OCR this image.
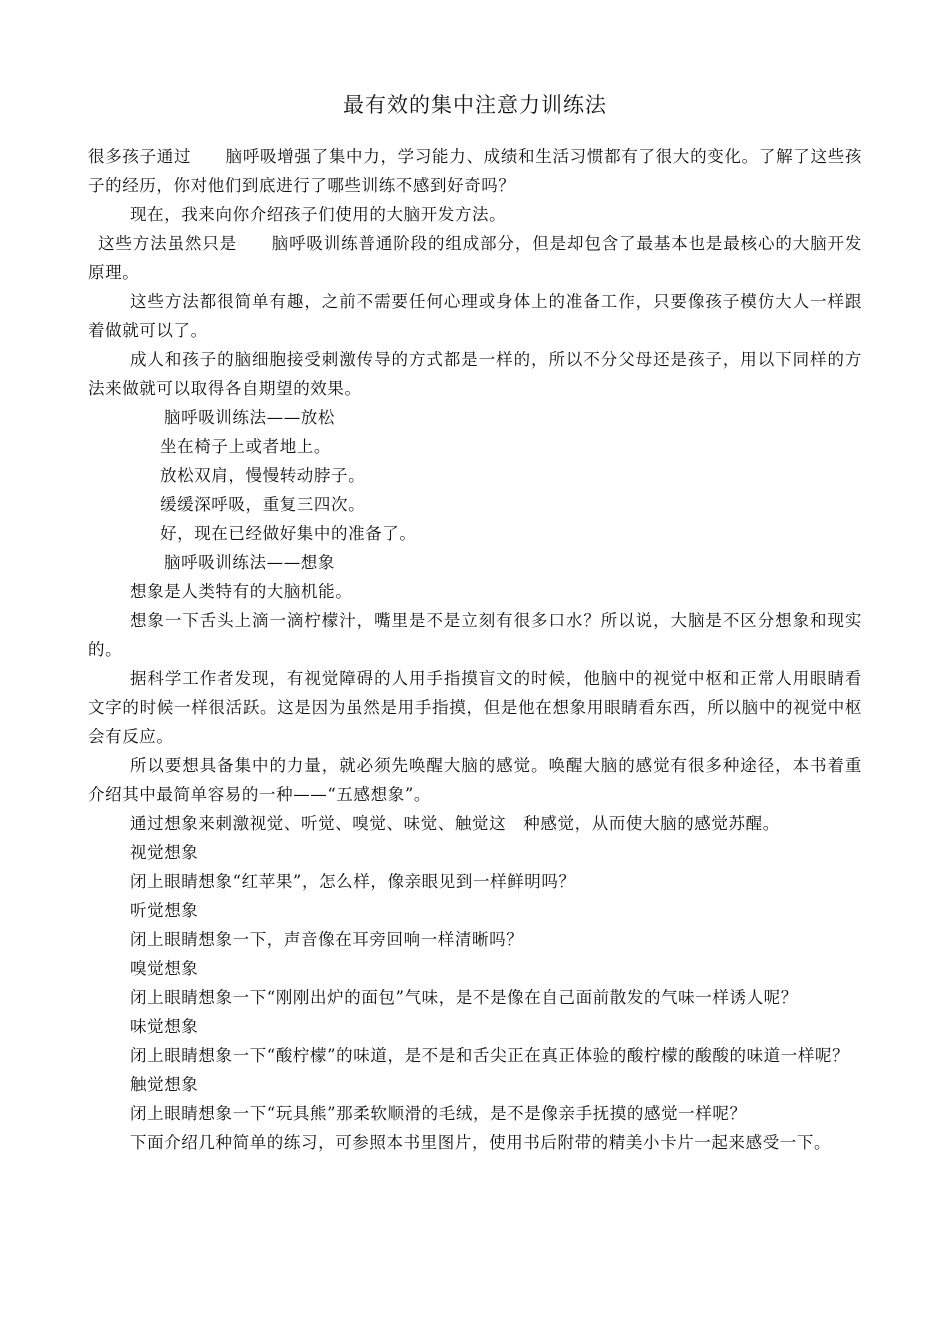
最有效的集中注意力训练法

很多孩子通过　　脑呼吸增强了集中力，学习能力、成绩和生活习惯都有了很大的变化。了解了这些孩子的经历，你对他们到底进行了哪些训练不感到好奇吗？

现在，我来向你介绍孩子们使用的大脑开发方法。

这些方法虽然只是　　脑呼吸训练普通阶段的组成部分，但是却包含了最基本也是最核心的大脑开发原理。

这些方法都很简单有趣，之前不需要任何心理或身体上的准备工作，只要像孩子模仿大人一样跟着做就可以了。

成人和孩子的脑细胞接受刺激传导的方式都是一样的，所以不分父母还是孩子，用以下同样的方法来做就可以取得各自期望的效果。

脑呼吸训练法——放松

坐在椅子上或者地上。

放松双肩，慢慢转动脖子。

缓缓深呼吸，重复三四次。

好，现在已经做好集中的准备了。

脑呼吸训练法——想象

想象是人类特有的大脑机能。

想象一下舌头上滴一滴柠檬汁，嘴里是不是立刻有很多口水？所以说，大脑是不区分想象和现实的。

据科学工作者发现，有视觉障碍的人用手指摸盲文的时候，他脑中的视觉中枢和正常人用眼睛看文字的时候一样很活跃。这是因为虽然是用手指摸，但是他在想象用眼睛看东西，所以脑中的视觉中枢会有反应。

所以要想具备集中的力量，就必须先唤醒大脑的感觉。唤醒大脑的感觉有很多种途径，本书着重介绍其中最简单容易的一种——“五感想象”。

通过想象来刺激视觉、听觉、嗅觉、味觉、触觉这　种感觉，从而使大脑的感觉苏醒。

视觉想象

闭上眼睛想象“红苹果”，怎么样，像亲眼见到一样鲜明吗？

听觉想象

闭上眼睛想象一下，声音像在耳旁回响一样清晰吗？

嗅觉想象

闭上眼睛想象一下“刚刚出炉的面包”气味，是不是像在自己面前散发的气味一样诱人呢？

味觉想象

闭上眼睛想象一下“酸柠檬”的味道，是不是和舌尖正在真正体验的酸柠檬的酸酸的味道一样呢？

触觉想象

闭上眼睛想象一下“玩具熊”那柔软顺滑的毛绒，是不是像亲手抚摸的感觉一样呢？

下面介绍几种简单的练习，可参照本书里图片，使用书后附带的精美小卡片一起来感受一下。
